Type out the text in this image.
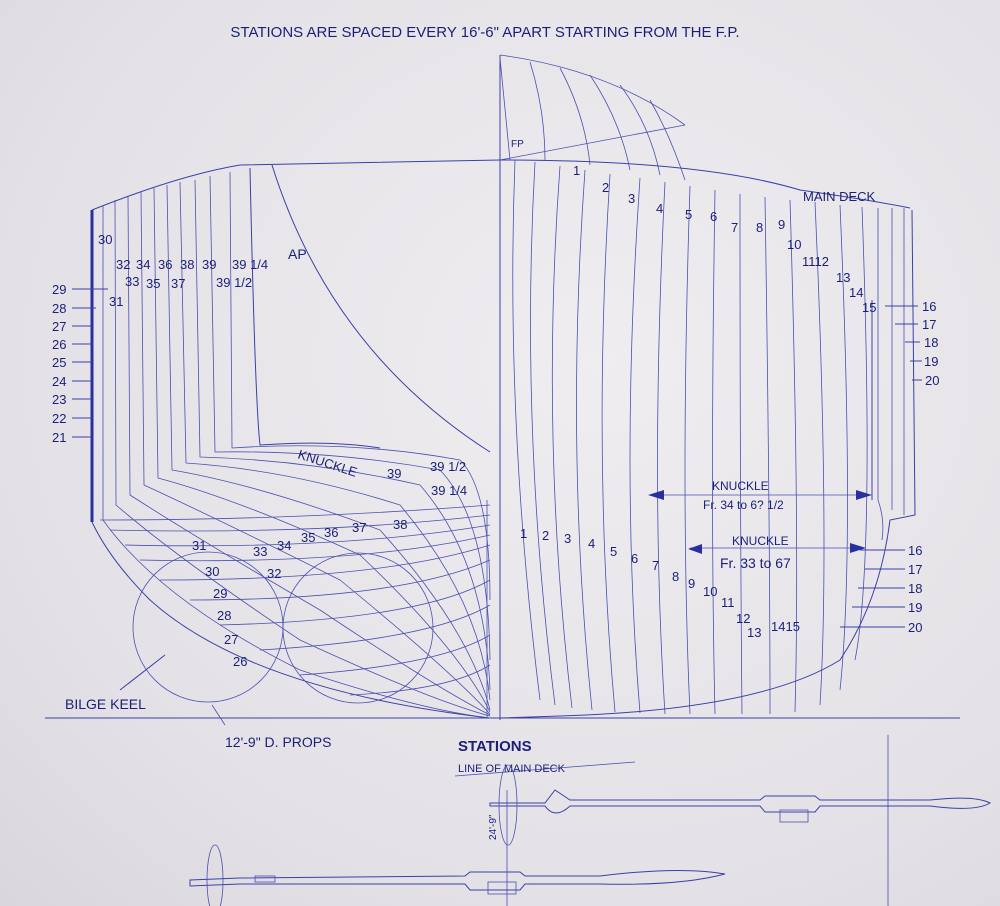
STATIONS ARE SPACED EVERY 16'-6" APART STARTING FROM THE F.P.
FP
MAIN DECK
1
2
3
4 5 6
7 8 9
10
1112
13
14
15
1 2 3 4
5 6 7
8 9
10
11
12
13 1415
16
17
18
19
20
16
17
18
19
20
KNUCKLE
Fr. 34 to 6? 1/2
KNUCKLE
Fr. 33 to 67
BILGE KEEL
12'-9" D. PROPS
AP
29
28
27
26
25
24
23
22
21
30
31
32 34 36 38 39 39 1/4
33 35 37 39 1/2
KNUCKLE 39 39 1/2
39 1/4
31
30
29
28
27
26
33 34
35 36 37 38
32
STATIONS
LINE OF MAIN DECK
24'-9"
